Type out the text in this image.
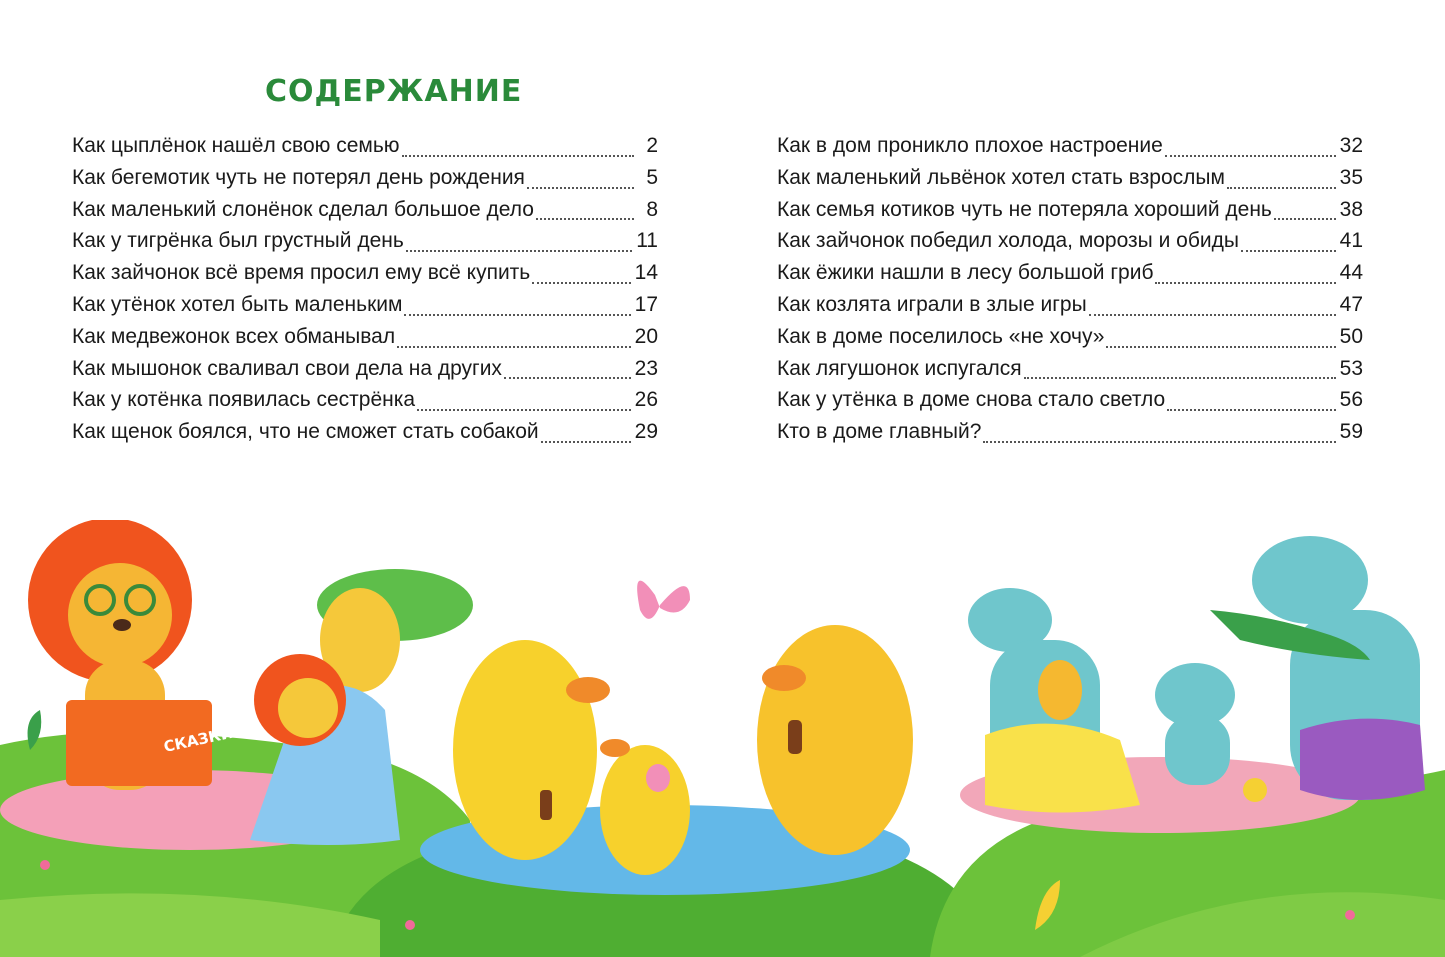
СОДЕРЖАНИЕ
Как цыплёнок нашёл свою семью	2
Как бегемотик чуть не потерял день рождения	5
Как маленький слонёнок сделал большое дело	8
Как у тигрёнка был грустный день	11
Как зайчонок всё время просил ему всё купить	14
Как утёнок хотел быть маленьким	17
Как медвежонок всех обманывал	20
Как мышонок сваливал свои дела на других	23
Как у котёнка появилась сестрёнка	26
Как щенок боялся, что не сможет стать собакой	29
Как в дом проникло плохое настроение	32
Как маленький львёнок хотел стать взрослым	35
Как семья котиков чуть не потеряла хороший день	38
Как зайчонок победил холода, морозы и обиды	41
Как ёжики нашли в лесу большой гриб	44
Как козлята играли в злые игры	47
Как в доме поселилось «не хочу»	50
Как лягушонок испугался	53
Как у утёнка в доме снова стало светло	56
Кто в доме главный?	59
СКАЗКИ
